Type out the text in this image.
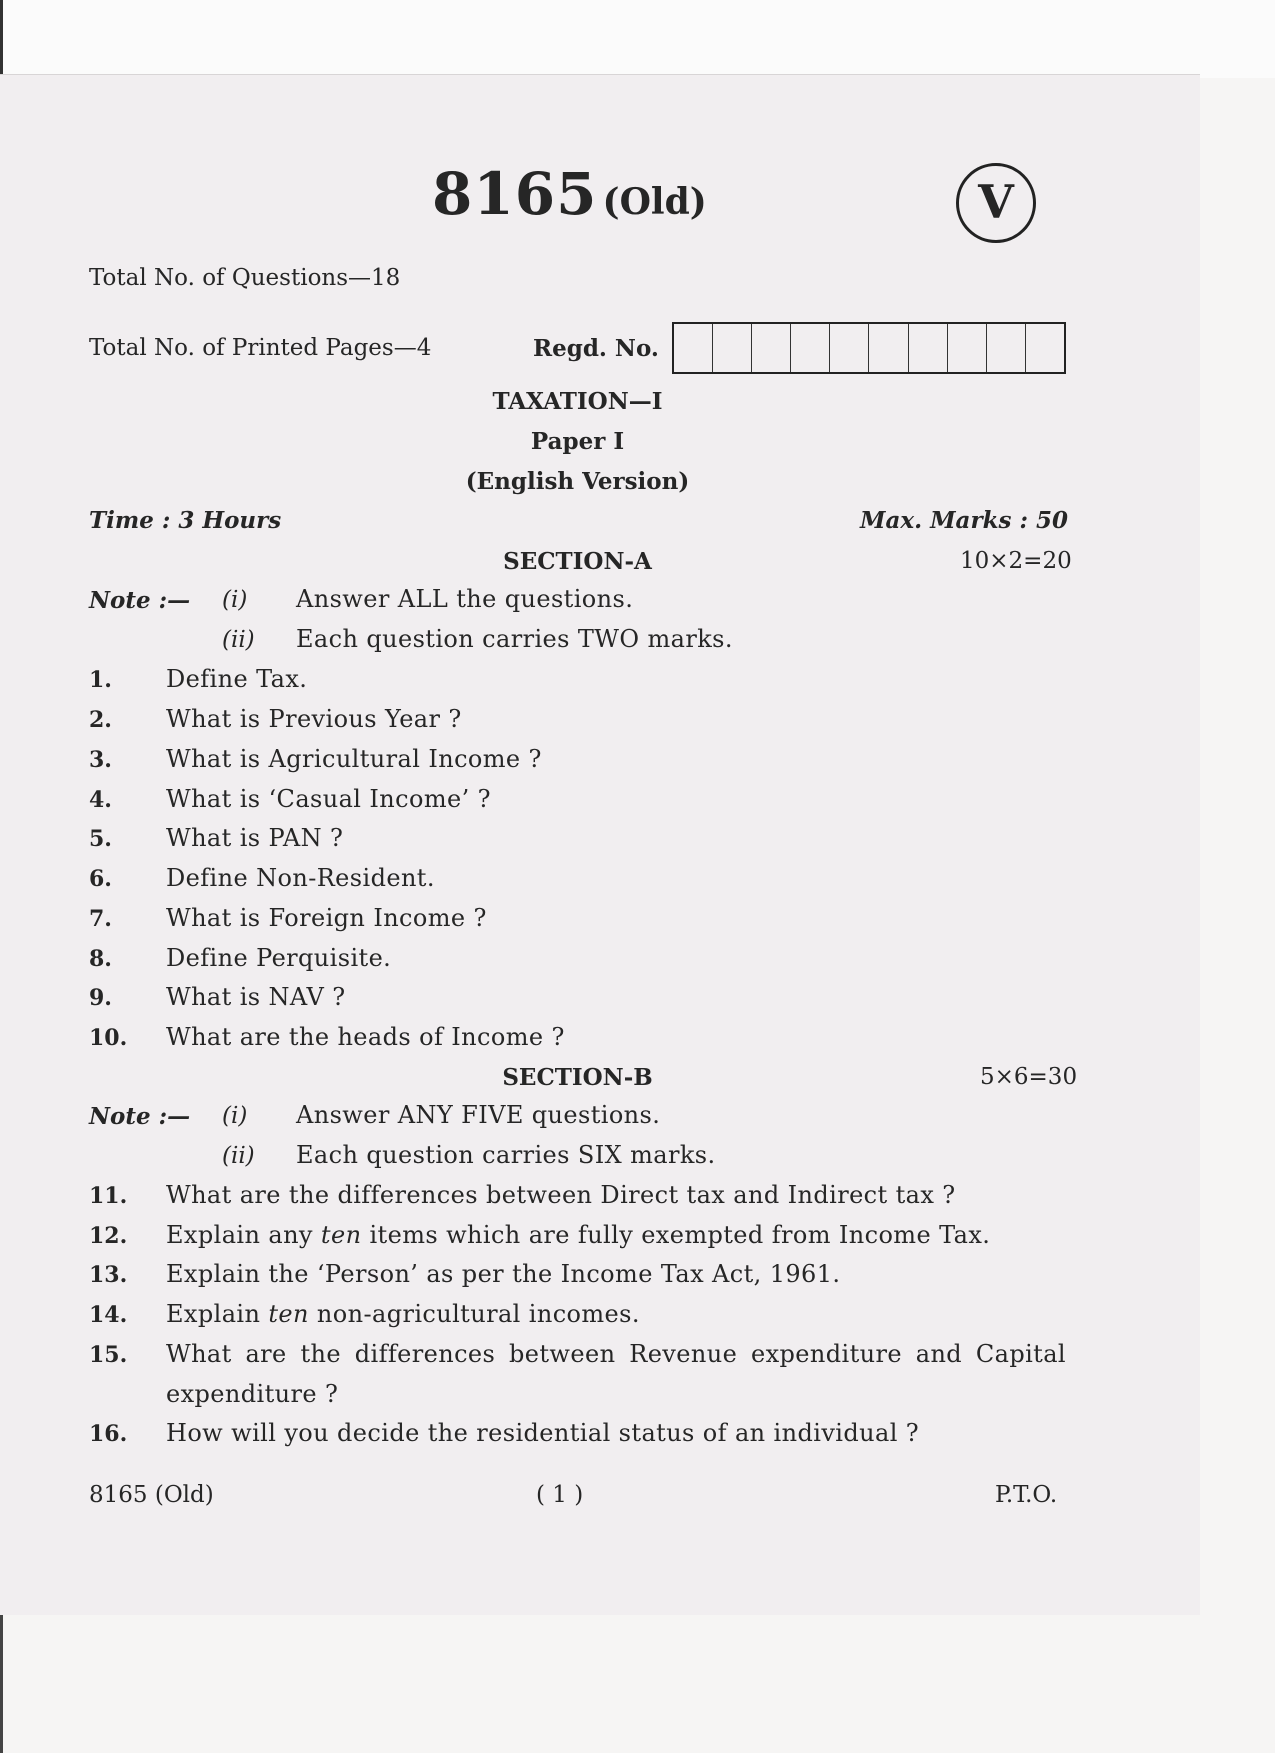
8165 (Old)	V
Total No. of Questions—18
Total No. of Printed Pages—4	Regd. No.
TAXATION—I
Paper I
(English Version)
Time : 3 Hours	Max. Marks : 50
SECTION-A	10×2=20
Note :— (i) Answer ALL the questions.
(ii) Each question carries TWO marks.
1. Define Tax.
2. What is Previous Year ?
3. What is Agricultural Income ?
4. What is ‘Casual Income’ ?
5. What is PAN ?
6. Define Non-Resident.
7. What is Foreign Income ?
8. Define Perquisite.
9. What is NAV ?
10. What are the heads of Income ?
SECTION-B	5×6=30
Note :— (i) Answer ANY FIVE questions.
(ii) Each question carries SIX marks.
11. What are the differences between Direct tax and Indirect tax ?
12. Explain any ten items which are fully exempted from Income Tax.
13. Explain the ‘Person’ as per the Income Tax Act, 1961.
14. Explain ten non-agricultural incomes.
15. What are the differences between Revenue expenditure and Capital
expenditure ?
16. How will you decide the residential status of an individual ?
8165 (Old)	( 1 )	P.T.O.
